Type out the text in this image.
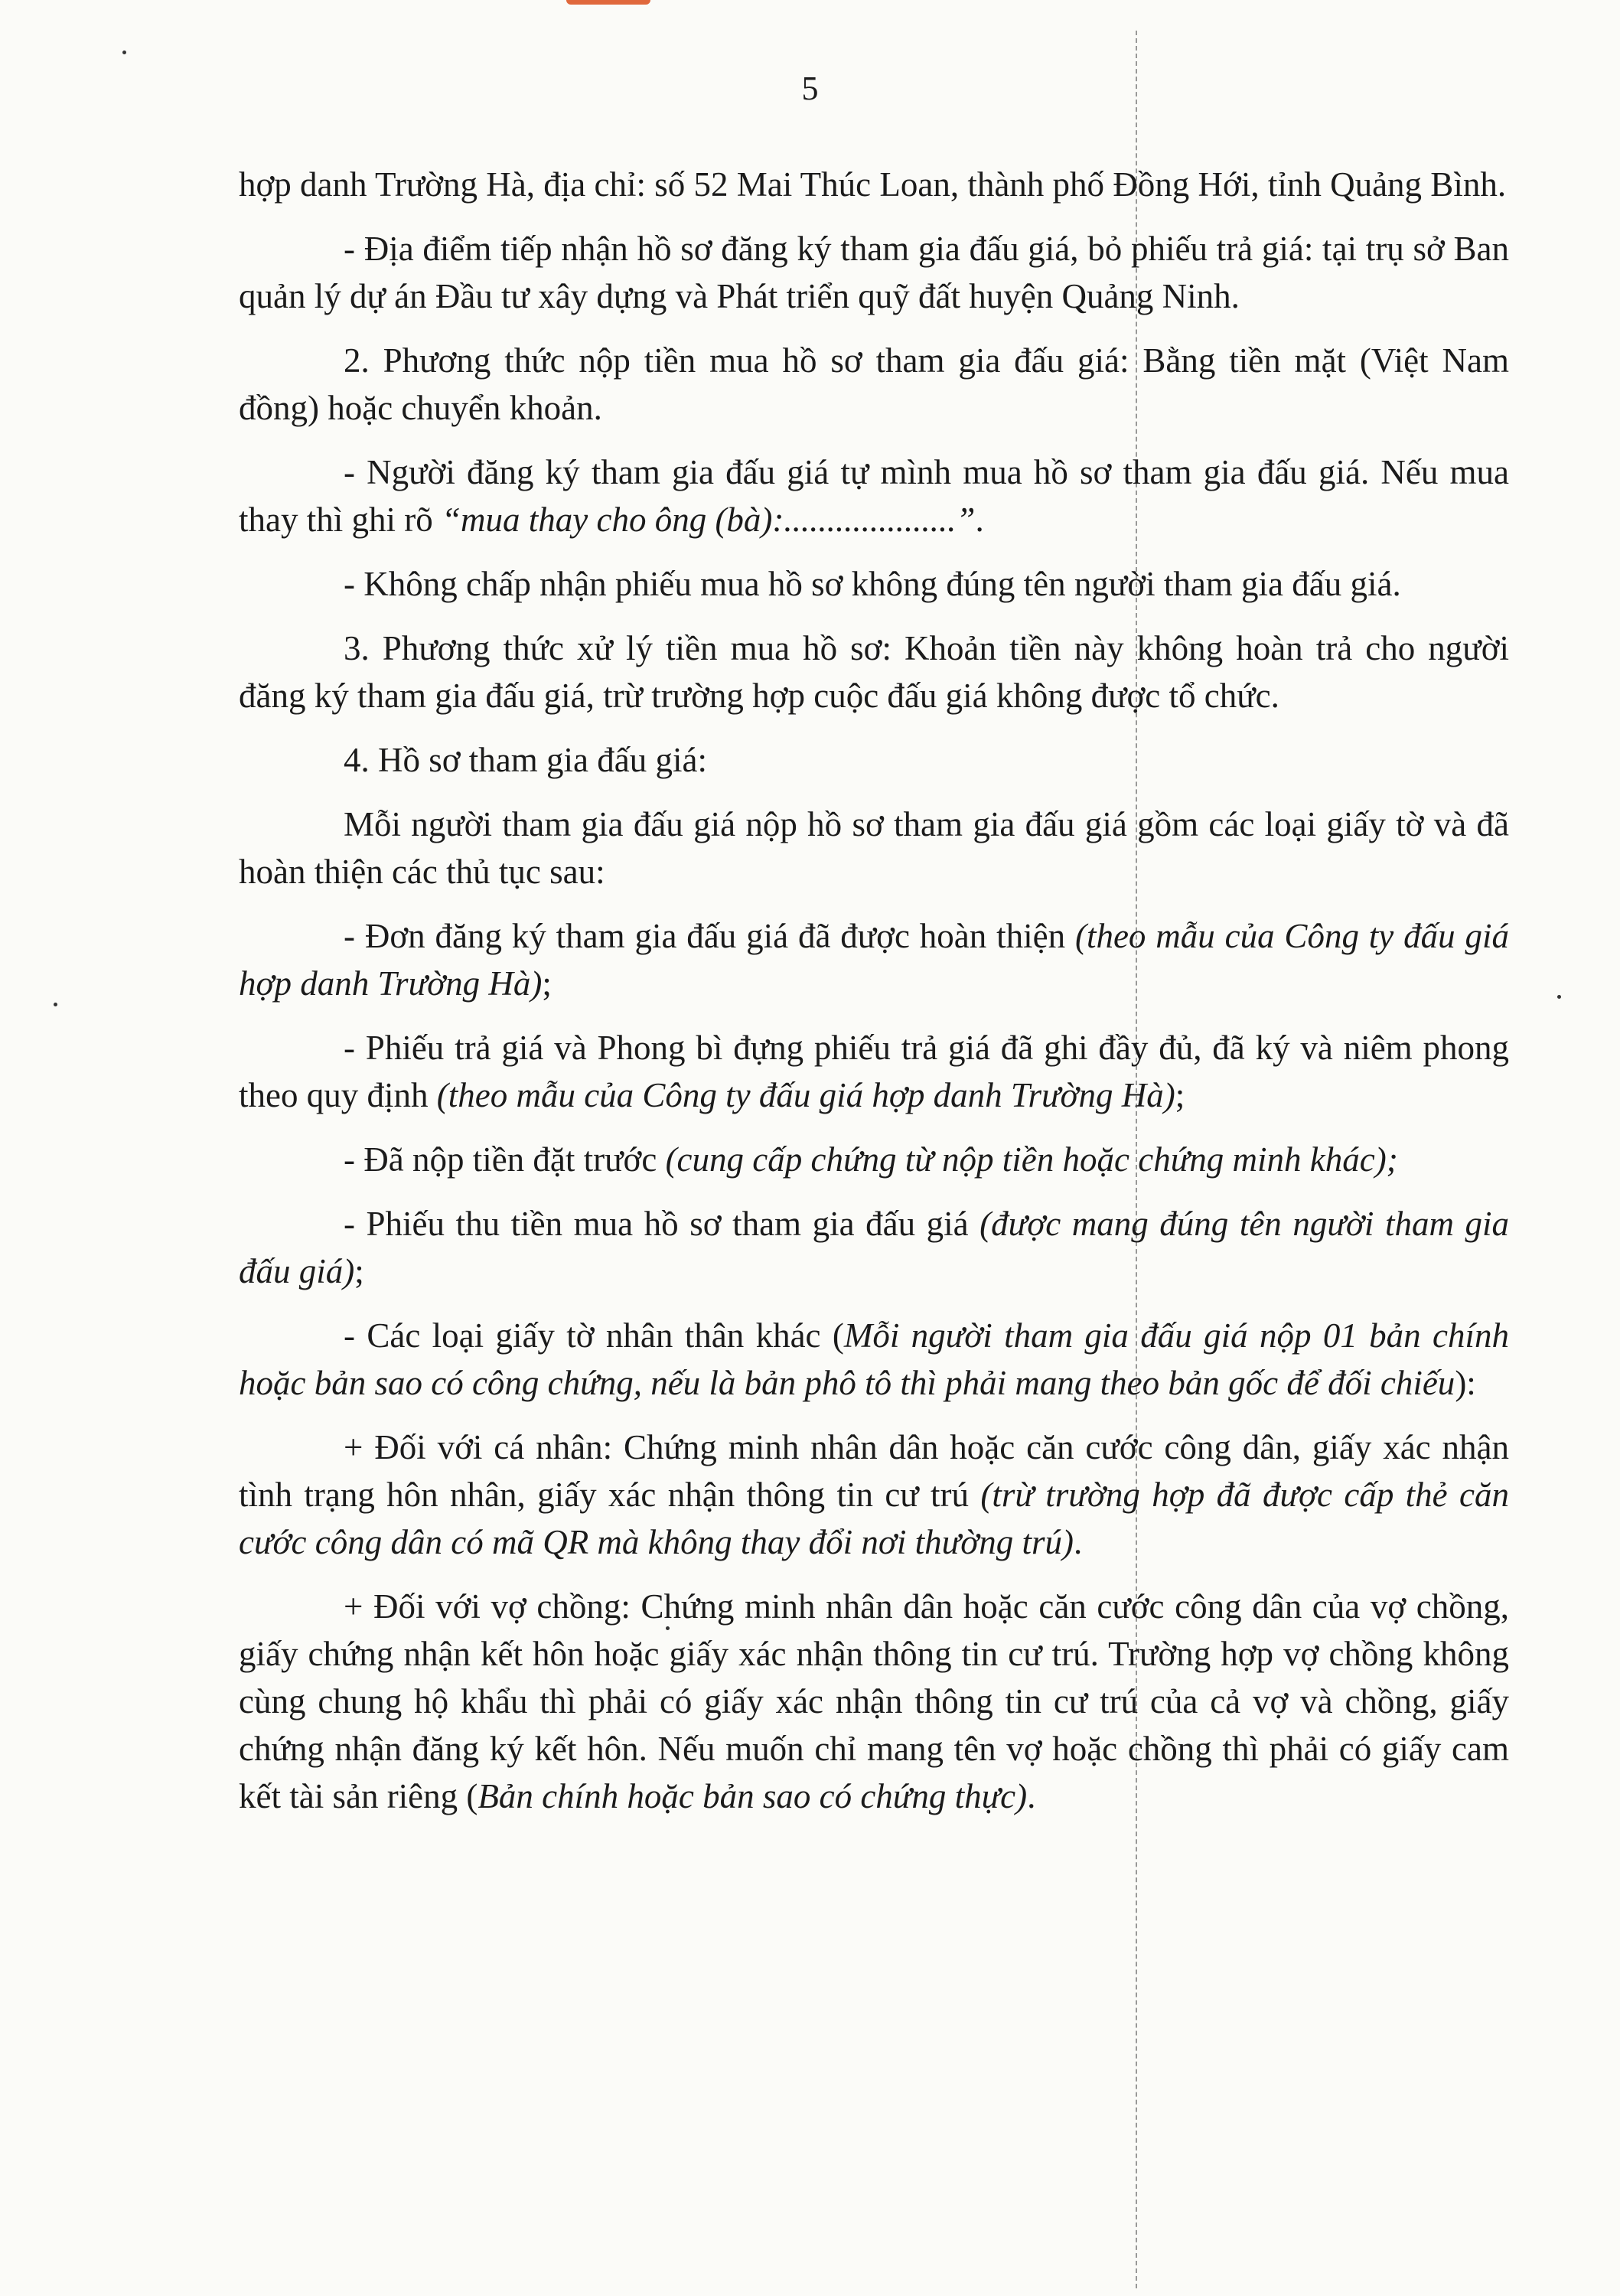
5

hợp danh Trường Hà, địa chỉ: số 52 Mai Thúc Loan, thành phố Đồng Hới, tỉnh Quảng Bình.

- Địa điểm tiếp nhận hồ sơ đăng ký tham gia đấu giá, bỏ phiếu trả giá: tại trụ sở Ban quản lý dự án Đầu tư xây dựng và Phát triển quỹ đất huyện Quảng Ninh.

2. Phương thức nộp tiền mua hồ sơ tham gia đấu giá: Bằng tiền mặt (Việt Nam đồng) hoặc chuyển khoản.

- Người đăng ký tham gia đấu giá tự mình mua hồ sơ tham gia đấu giá. Nếu mua thay thì ghi rõ “mua thay cho ông (bà):....................”.

- Không chấp nhận phiếu mua hồ sơ không đúng tên người tham gia đấu giá.

3. Phương thức xử lý tiền mua hồ sơ: Khoản tiền này không hoàn trả cho người đăng ký tham gia đấu giá, trừ trường hợp cuộc đấu giá không được tổ chức.

4. Hồ sơ tham gia đấu giá:

Mỗi người tham gia đấu giá nộp hồ sơ tham gia đấu giá gồm các loại giấy tờ và đã hoàn thiện các thủ tục sau:

- Đơn đăng ký tham gia đấu giá đã được hoàn thiện (theo mẫu của Công ty đấu giá hợp danh Trường Hà);

- Phiếu trả giá và Phong bì đựng phiếu trả giá đã ghi đầy đủ, đã ký và niêm phong theo quy định (theo mẫu của Công ty đấu giá hợp danh Trường Hà);

- Đã nộp tiền đặt trước (cung cấp chứng từ nộp tiền hoặc chứng minh khác);

- Phiếu thu tiền mua hồ sơ tham gia đấu giá (được mang đúng tên người tham gia đấu giá);

- Các loại giấy tờ nhân thân khác (Mỗi người tham gia đấu giá nộp 01 bản chính hoặc bản sao có công chứng, nếu là bản phô tô thì phải mang theo bản gốc để đối chiếu):

+ Đối với cá nhân: Chứng minh nhân dân hoặc căn cước công dân, giấy xác nhận tình trạng hôn nhân, giấy xác nhận thông tin cư trú (trừ trường hợp đã được cấp thẻ căn cước công dân có mã QR mà không thay đổi nơi thường trú).

+ Đối với vợ chồng: Chứng minh nhân dân hoặc căn cước công dân của vợ chồng, giấy chứng nhận kết hôn hoặc giấy xác nhận thông tin cư trú. Trường hợp vợ chồng không cùng chung hộ khẩu thì phải có giấy xác nhận thông tin cư trú của cả vợ và chồng, giấy chứng nhận đăng ký kết hôn. Nếu muốn chỉ mang tên vợ hoặc chồng thì phải có giấy cam kết tài sản riêng (Bản chính hoặc bản sao có chứng thực).
